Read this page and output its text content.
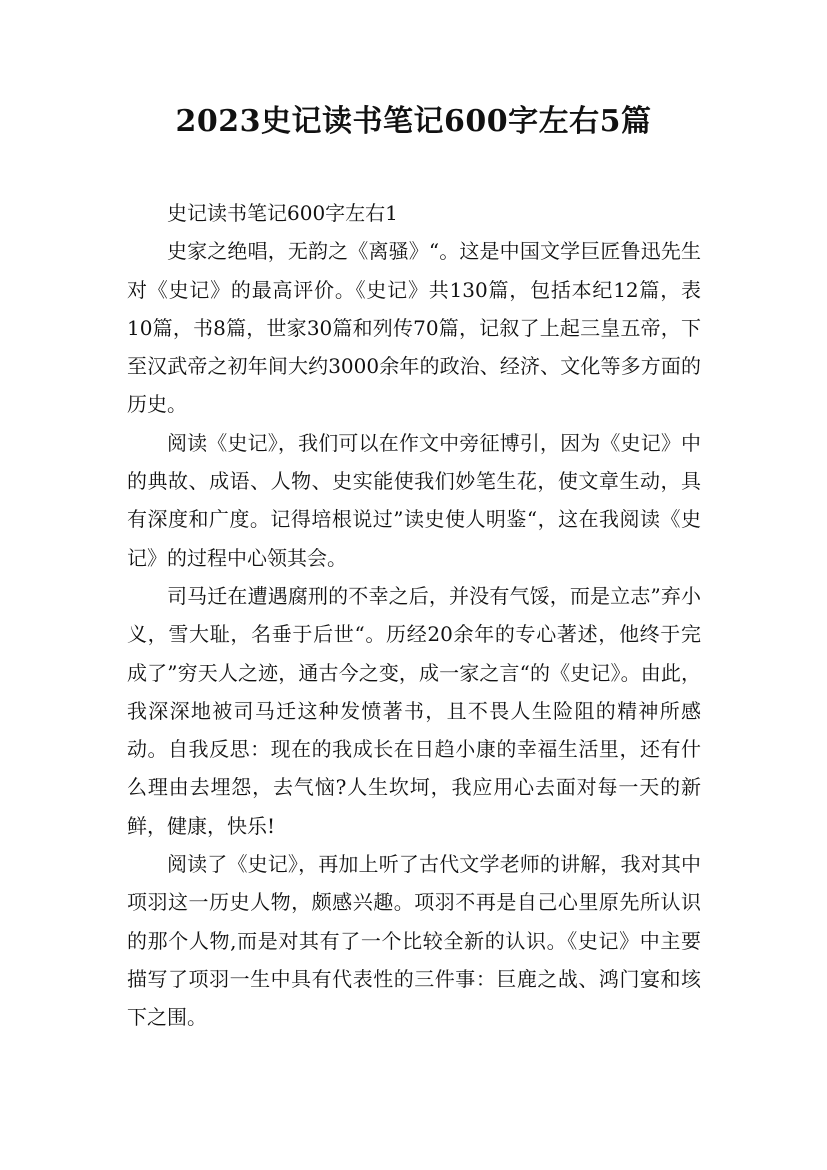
2023史记读书笔记600字左右5篇

史记读书笔记600字左右1

史家之绝唱，无韵之《离骚》“。这是中国文学巨匠鲁迅先生对《史记》的最高评价。《史记》共130篇，包括本纪12篇，表10篇，书8篇，世家30篇和列传70篇，记叙了上起三皇五帝，下至汉武帝之初年间大约3000余年的政治、经济、文化等多方面的历史。

阅读《史记》，我们可以在作文中旁征博引，因为《史记》中的典故、成语、人物、史实能使我们妙笔生花，使文章生动，具有深度和广度。记得培根说过”读史使人明鉴“，这在我阅读《史记》的过程中心领其会。

司马迁在遭遇腐刑的不幸之后，并没有气馁，而是立志”弃小义，雪大耻，名垂于后世“。历经20余年的专心著述，他终于完成了”穷天人之迹，通古今之变，成一家之言“的《史记》。由此，我深深地被司马迁这种发愤著书，且不畏人生险阻的精神所感动。自我反思：现在的我成长在日趋小康的幸福生活里，还有什么理由去埋怨，去气恼?人生坎坷，我应用心去面对每一天的新鲜，健康，快乐!

阅读了《史记》，再加上听了古代文学老师的讲解，我对其中项羽这一历史人物，颇感兴趣。项羽不再是自己心里原先所认识的那个人物,而是对其有了一个比较全新的认识。《史记》中主要描写了项羽一生中具有代表性的三件事：巨鹿之战、鸿门宴和垓下之围。
